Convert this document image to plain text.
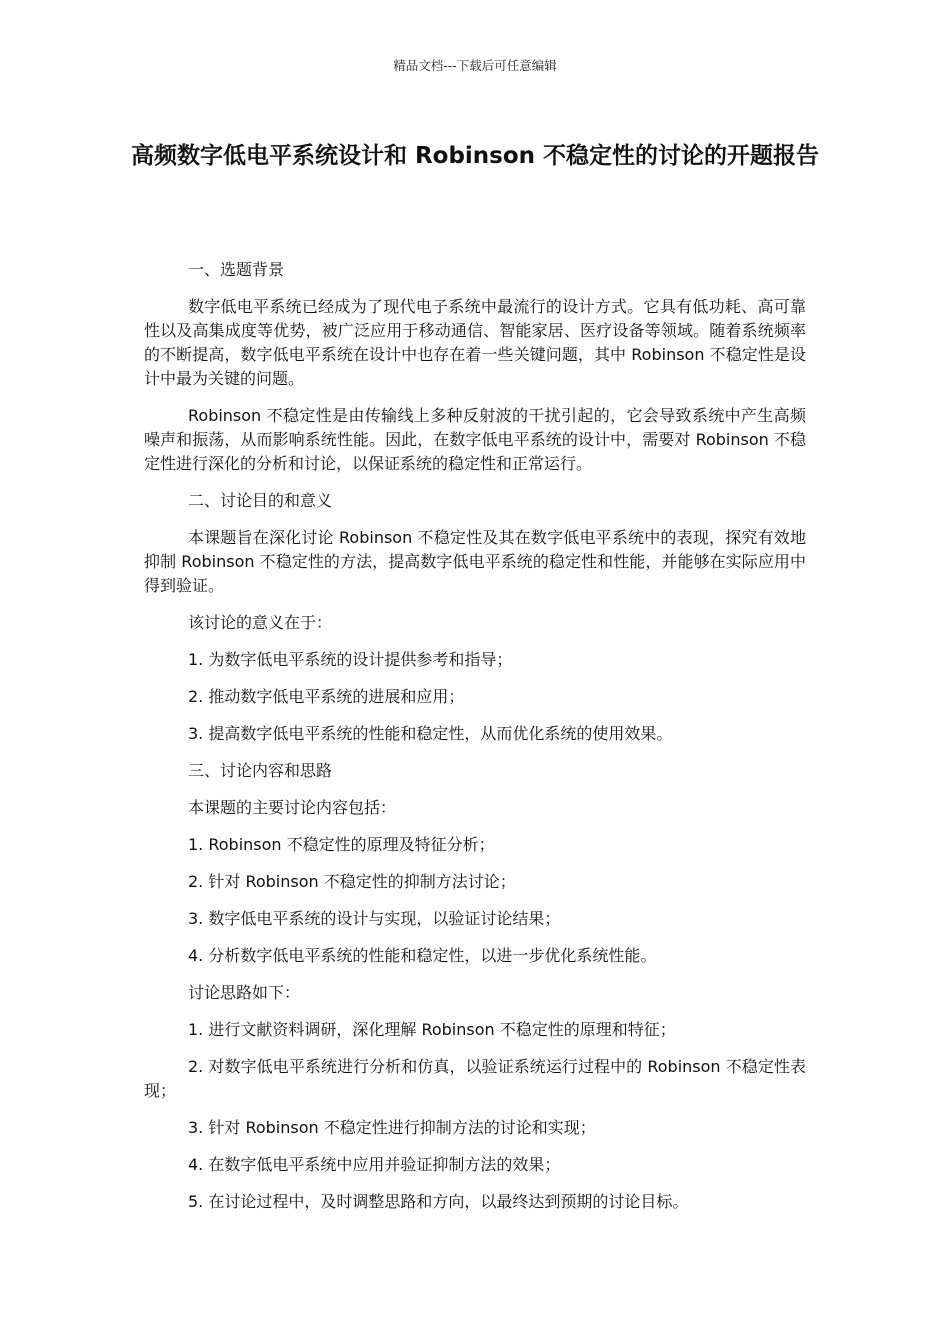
精品文档---下载后可任意编辑
高频数字低电平系统设计和 Robinson 不稳定性的讨论的开题报告

一、选题背景

数字低电平系统已经成为了现代电子系统中最流行的设计方式。它具有低功耗、高可靠性以及高集成度等优势，被广泛应用于移动通信、智能家居、医疗设备等领域。随着系统频率的不断提高，数字低电平系统在设计中也存在着一些关键问题，其中 Robinson 不稳定性是设计中最为关键的问题。

Robinson 不稳定性是由传输线上多种反射波的干扰引起的，它会导致系统中产生高频噪声和振荡，从而影响系统性能。因此，在数字低电平系统的设计中，需要对 Robinson 不稳定性进行深化的分析和讨论，以保证系统的稳定性和正常运行。

二、讨论目的和意义

本课题旨在深化讨论 Robinson 不稳定性及其在数字低电平系统中的表现，探究有效地抑制 Robinson 不稳定性的方法，提高数字低电平系统的稳定性和性能，并能够在实际应用中得到验证。

该讨论的意义在于：

1. 为数字低电平系统的设计提供参考和指导；

2. 推动数字低电平系统的进展和应用；

3. 提高数字低电平系统的性能和稳定性，从而优化系统的使用效果。

三、讨论内容和思路

本课题的主要讨论内容包括：

1. Robinson 不稳定性的原理及特征分析；

2. 针对 Robinson 不稳定性的抑制方法讨论；

3. 数字低电平系统的设计与实现，以验证讨论结果；

4. 分析数字低电平系统的性能和稳定性，以进一步优化系统性能。

讨论思路如下：

1. 进行文献资料调研，深化理解 Robinson 不稳定性的原理和特征；

2. 对数字低电平系统进行分析和仿真，以验证系统运行过程中的 Robinson 不稳定性表现；

3. 针对 Robinson 不稳定性进行抑制方法的讨论和实现；

4. 在数字低电平系统中应用并验证抑制方法的效果；

5. 在讨论过程中，及时调整思路和方向，以最终达到预期的讨论目标。
